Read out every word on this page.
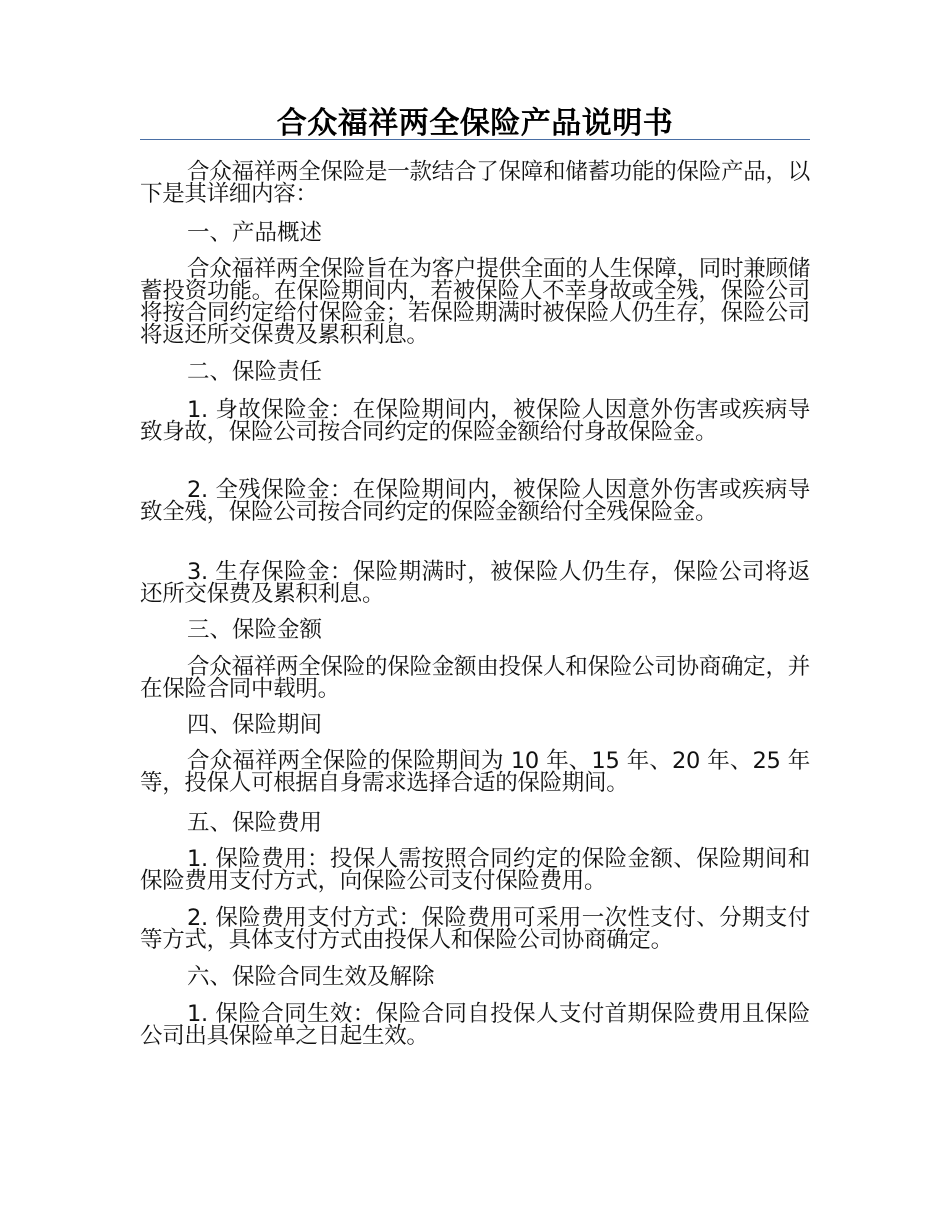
合众福祥两全保险产品说明书

合众福祥两全保险是一款结合了保障和储蓄功能的保险产品，以下是其详细内容：

一、产品概述

合众福祥两全保险旨在为客户提供全面的人生保障，同时兼顾储蓄投资功能。在保险期间内，若被保险人不幸身故或全残，保险公司将按合同约定给付保险金；若保险期满时被保险人仍生存，保险公司将返还所交保费及累积利息。

二、保险责任

1. 身故保险金：在保险期间内，被保险人因意外伤害或疾病导致身故，保险公司按合同约定的保险金额给付身故保险金。

2. 全残保险金：在保险期间内，被保险人因意外伤害或疾病导致全残，保险公司按合同约定的保险金额给付全残保险金。

3. 生存保险金：保险期满时，被保险人仍生存，保险公司将返还所交保费及累积利息。

三、保险金额

合众福祥两全保险的保险金额由投保人和保险公司协商确定，并在保险合同中载明。

四、保险期间

合众福祥两全保险的保险期间为 10 年、15 年、20 年、25 年等，投保人可根据自身需求选择合适的保险期间。

五、保险费用

1. 保险费用：投保人需按照合同约定的保险金额、保险期间和保险费用支付方式，向保险公司支付保险费用。

2. 保险费用支付方式：保险费用可采用一次性支付、分期支付等方式，具体支付方式由投保人和保险公司协商确定。

六、保险合同生效及解除

1. 保险合同生效：保险合同自投保人支付首期保险费用且保险公司出具保险单之日起生效。
